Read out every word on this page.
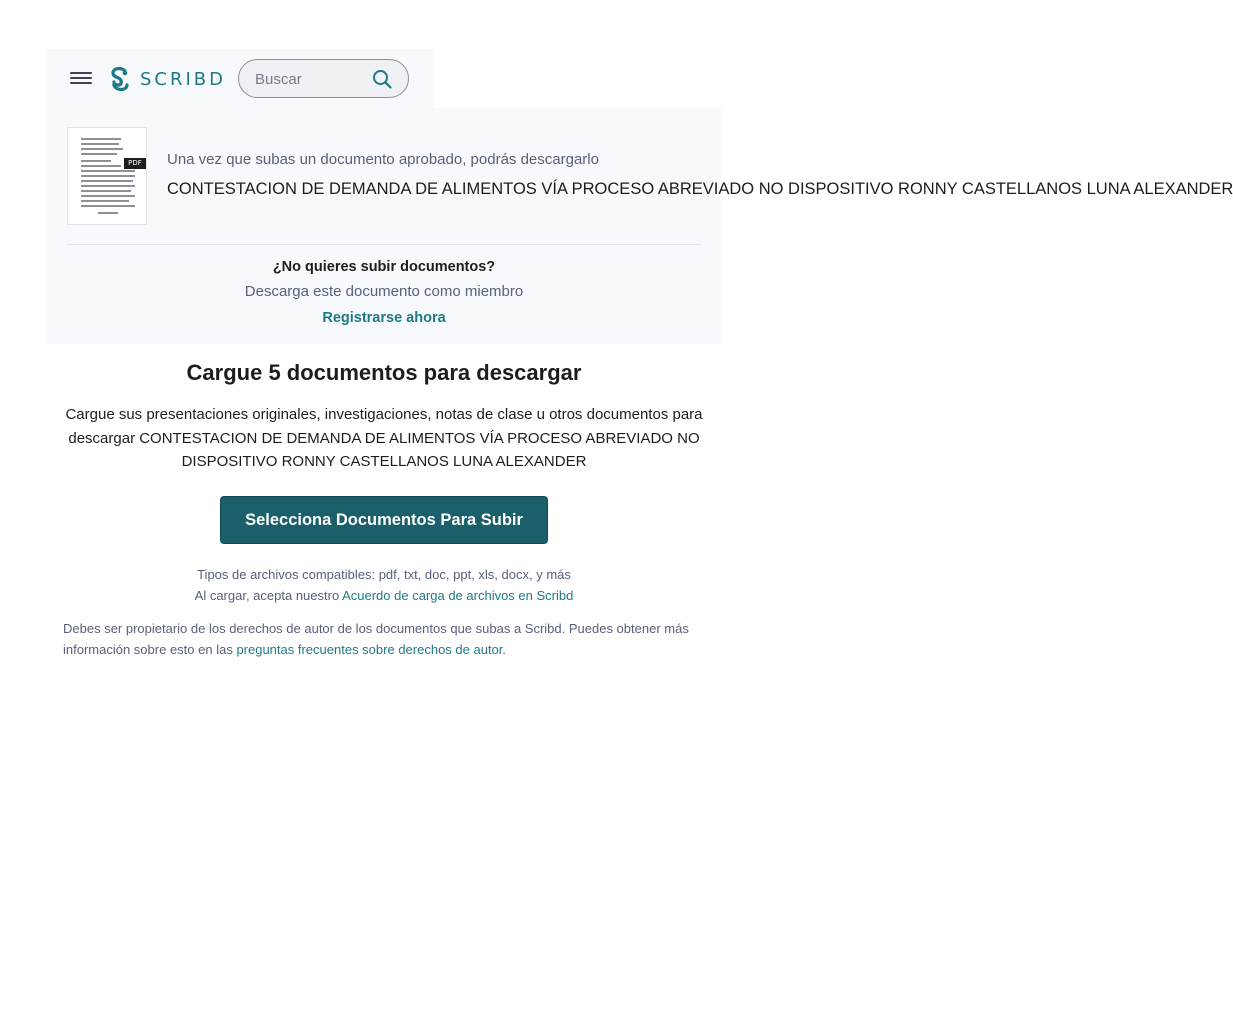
SCRIBD
Buscar
PDF Una vez que subas un documento aprobado, podrás descargarlo
CONTESTACION DE DEMANDA DE ALIMENTOS VÍA PROCESO ABREVIADO NO DISPOSITIVO RONNY CASTELLANOS LUNA ALEXANDER
¿No quieres subir documentos?
Descarga este documento como miembro
Registrarse ahora
Cargue 5 documentos para descargar
Cargue sus presentaciones originales, investigaciones, notas de clase u otros documentos para descargar CONTESTACION DE DEMANDA DE ALIMENTOS VÍA PROCESO ABREVIADO NO DISPOSITIVO RONNY CASTELLANOS LUNA ALEXANDER
Selecciona Documentos Para Subir
Tipos de archivos compatibles: pdf, txt, doc, ppt, xls, docx, y más
Al cargar, acepta nuestro Acuerdo de carga de archivos en Scribd
Debes ser propietario de los derechos de autor de los documentos que subas a Scribd. Puedes obtener más información sobre esto en las preguntas frecuentes sobre derechos de autor.
